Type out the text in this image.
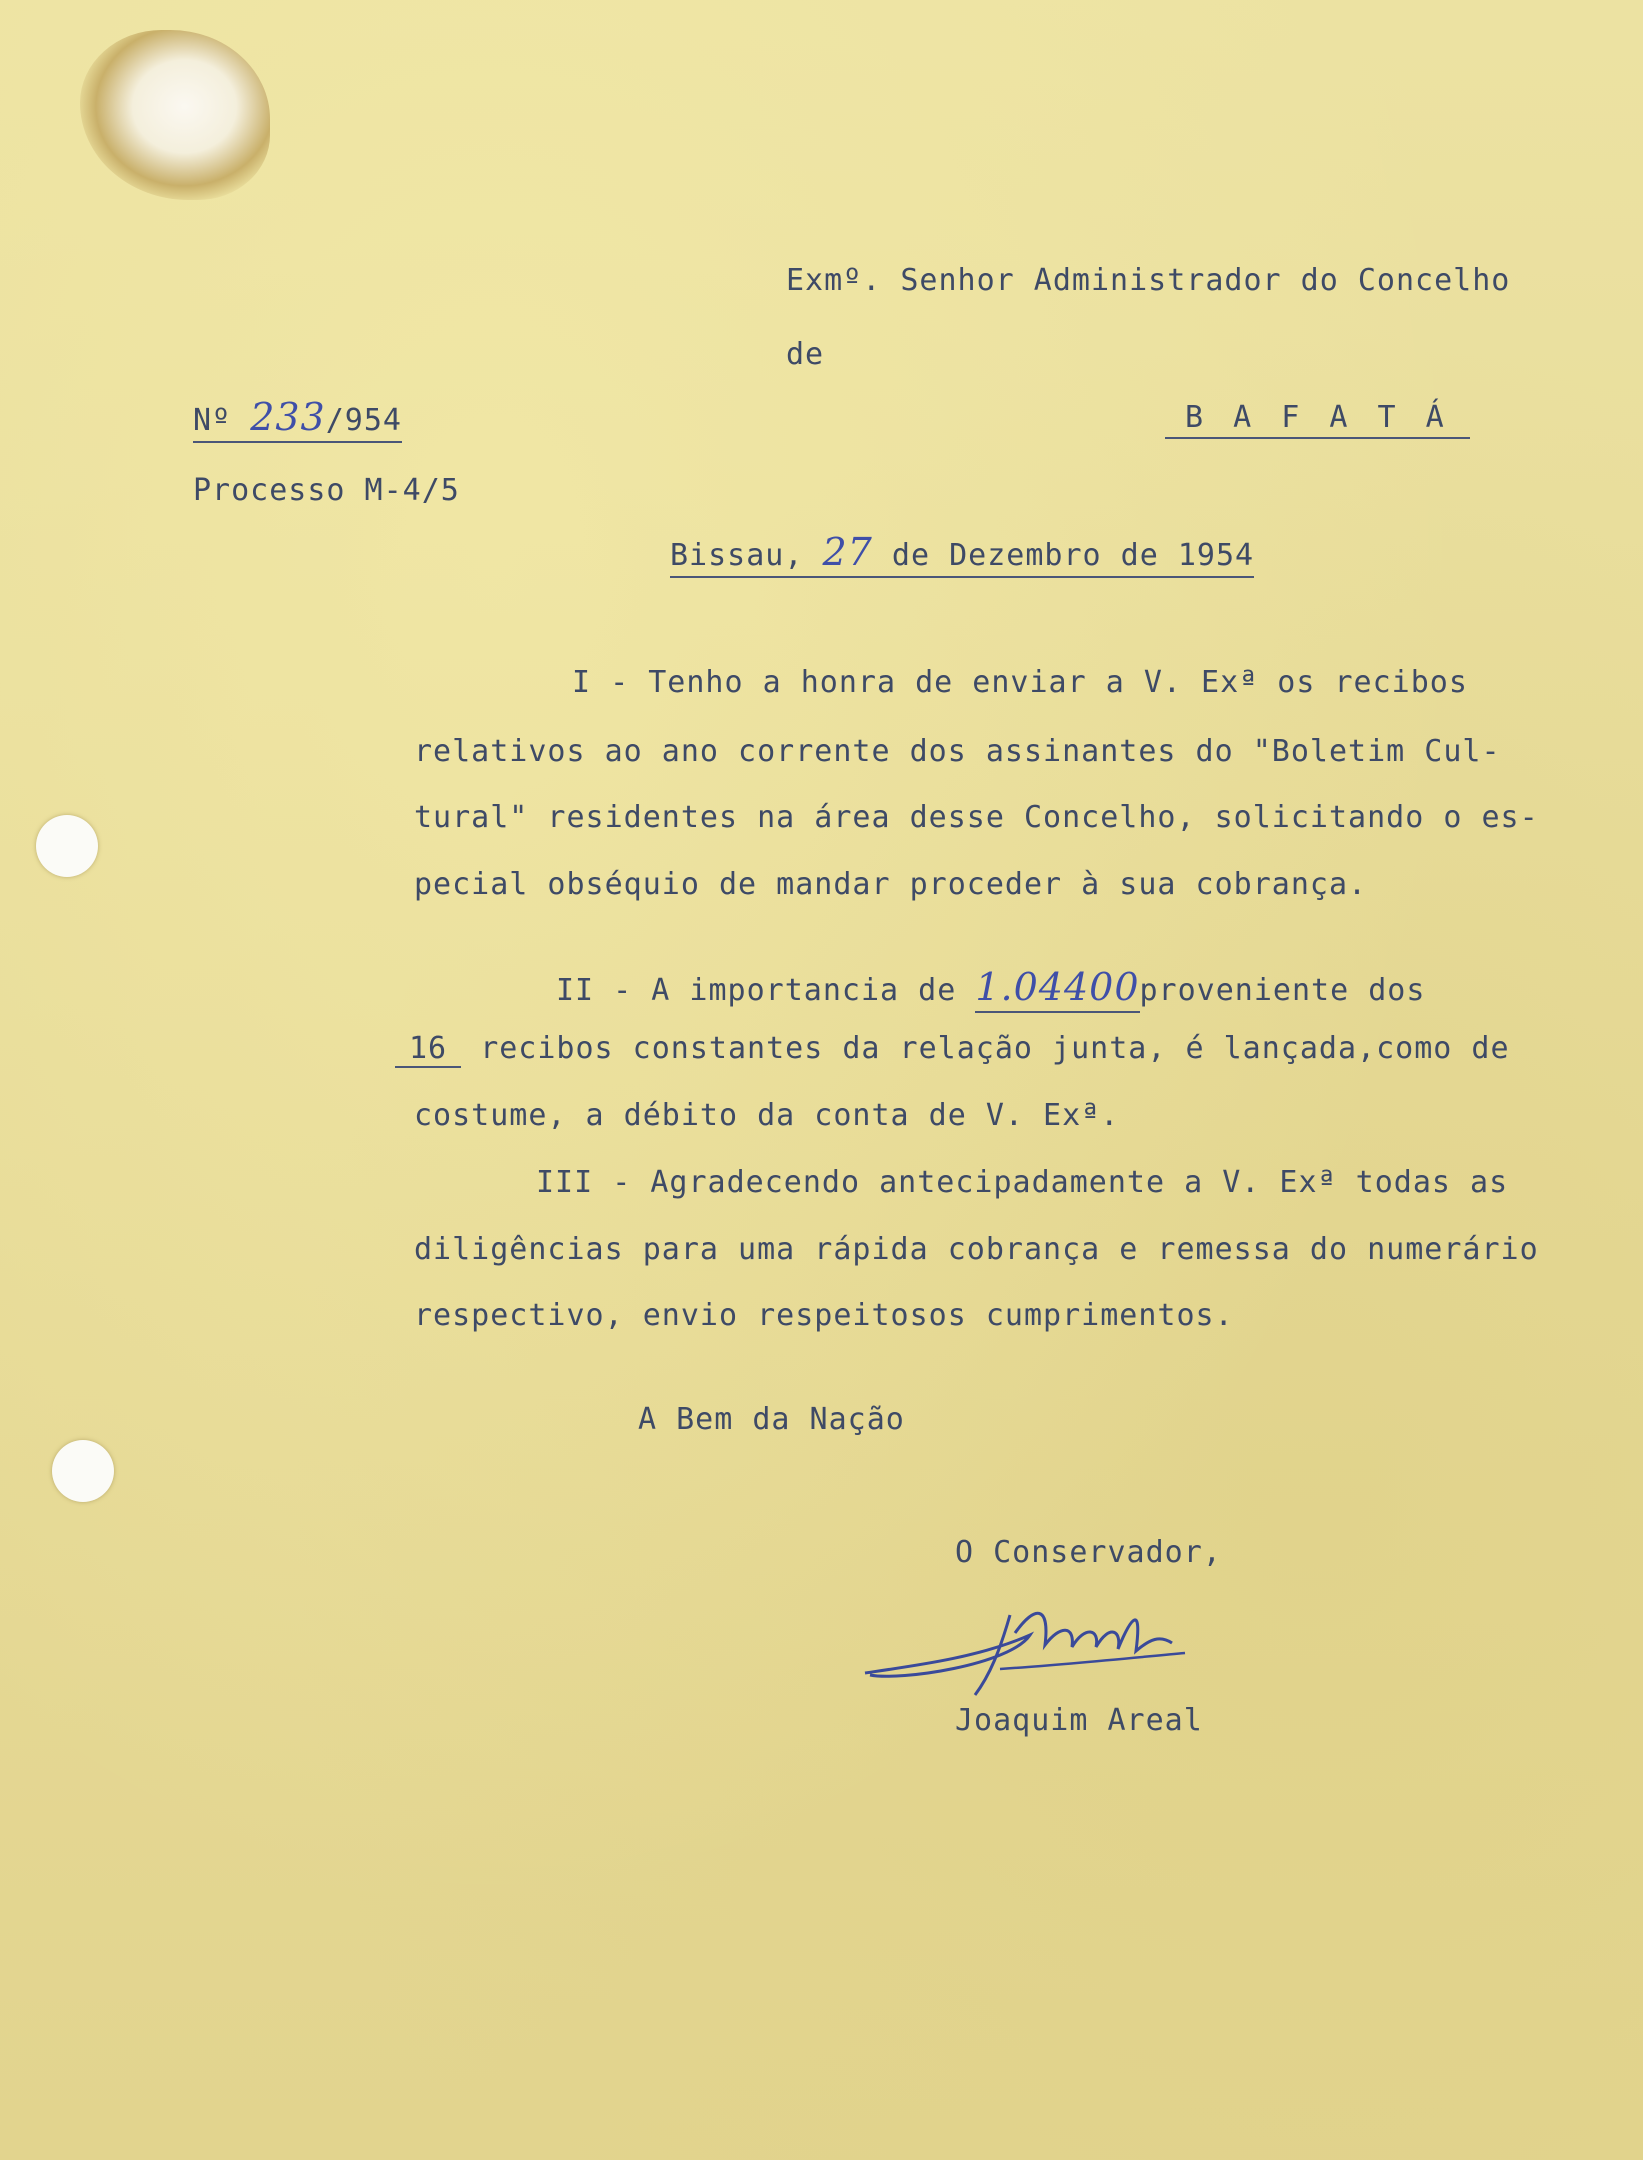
Exmº. Senhor Administrador do Concelho
de
Nº 233/954	B A F A T Á
Processo M-4/5
Bissau, 27 de Dezembro de 1954
I - Tenho a honra de enviar a V. Exª os recibos
relativos ao ano corrente dos assinantes do "Boletim Cul-
tural" residentes na área desse Concelho, solicitando o es-
pecial obséquio de mandar proceder à sua cobrança.
II - A importancia de 1.04400proveniente dos
16 recibos constantes da relação junta, é lançada,como de
costume, a débito da conta de V. Exª.
III - Agradecendo antecipadamente a V. Exª todas as
diligências para uma rápida cobrança e remessa do numerário
respectivo, envio respeitosos cumprimentos.
A Bem da Nação
O Conservador,
Joaquim Areal
